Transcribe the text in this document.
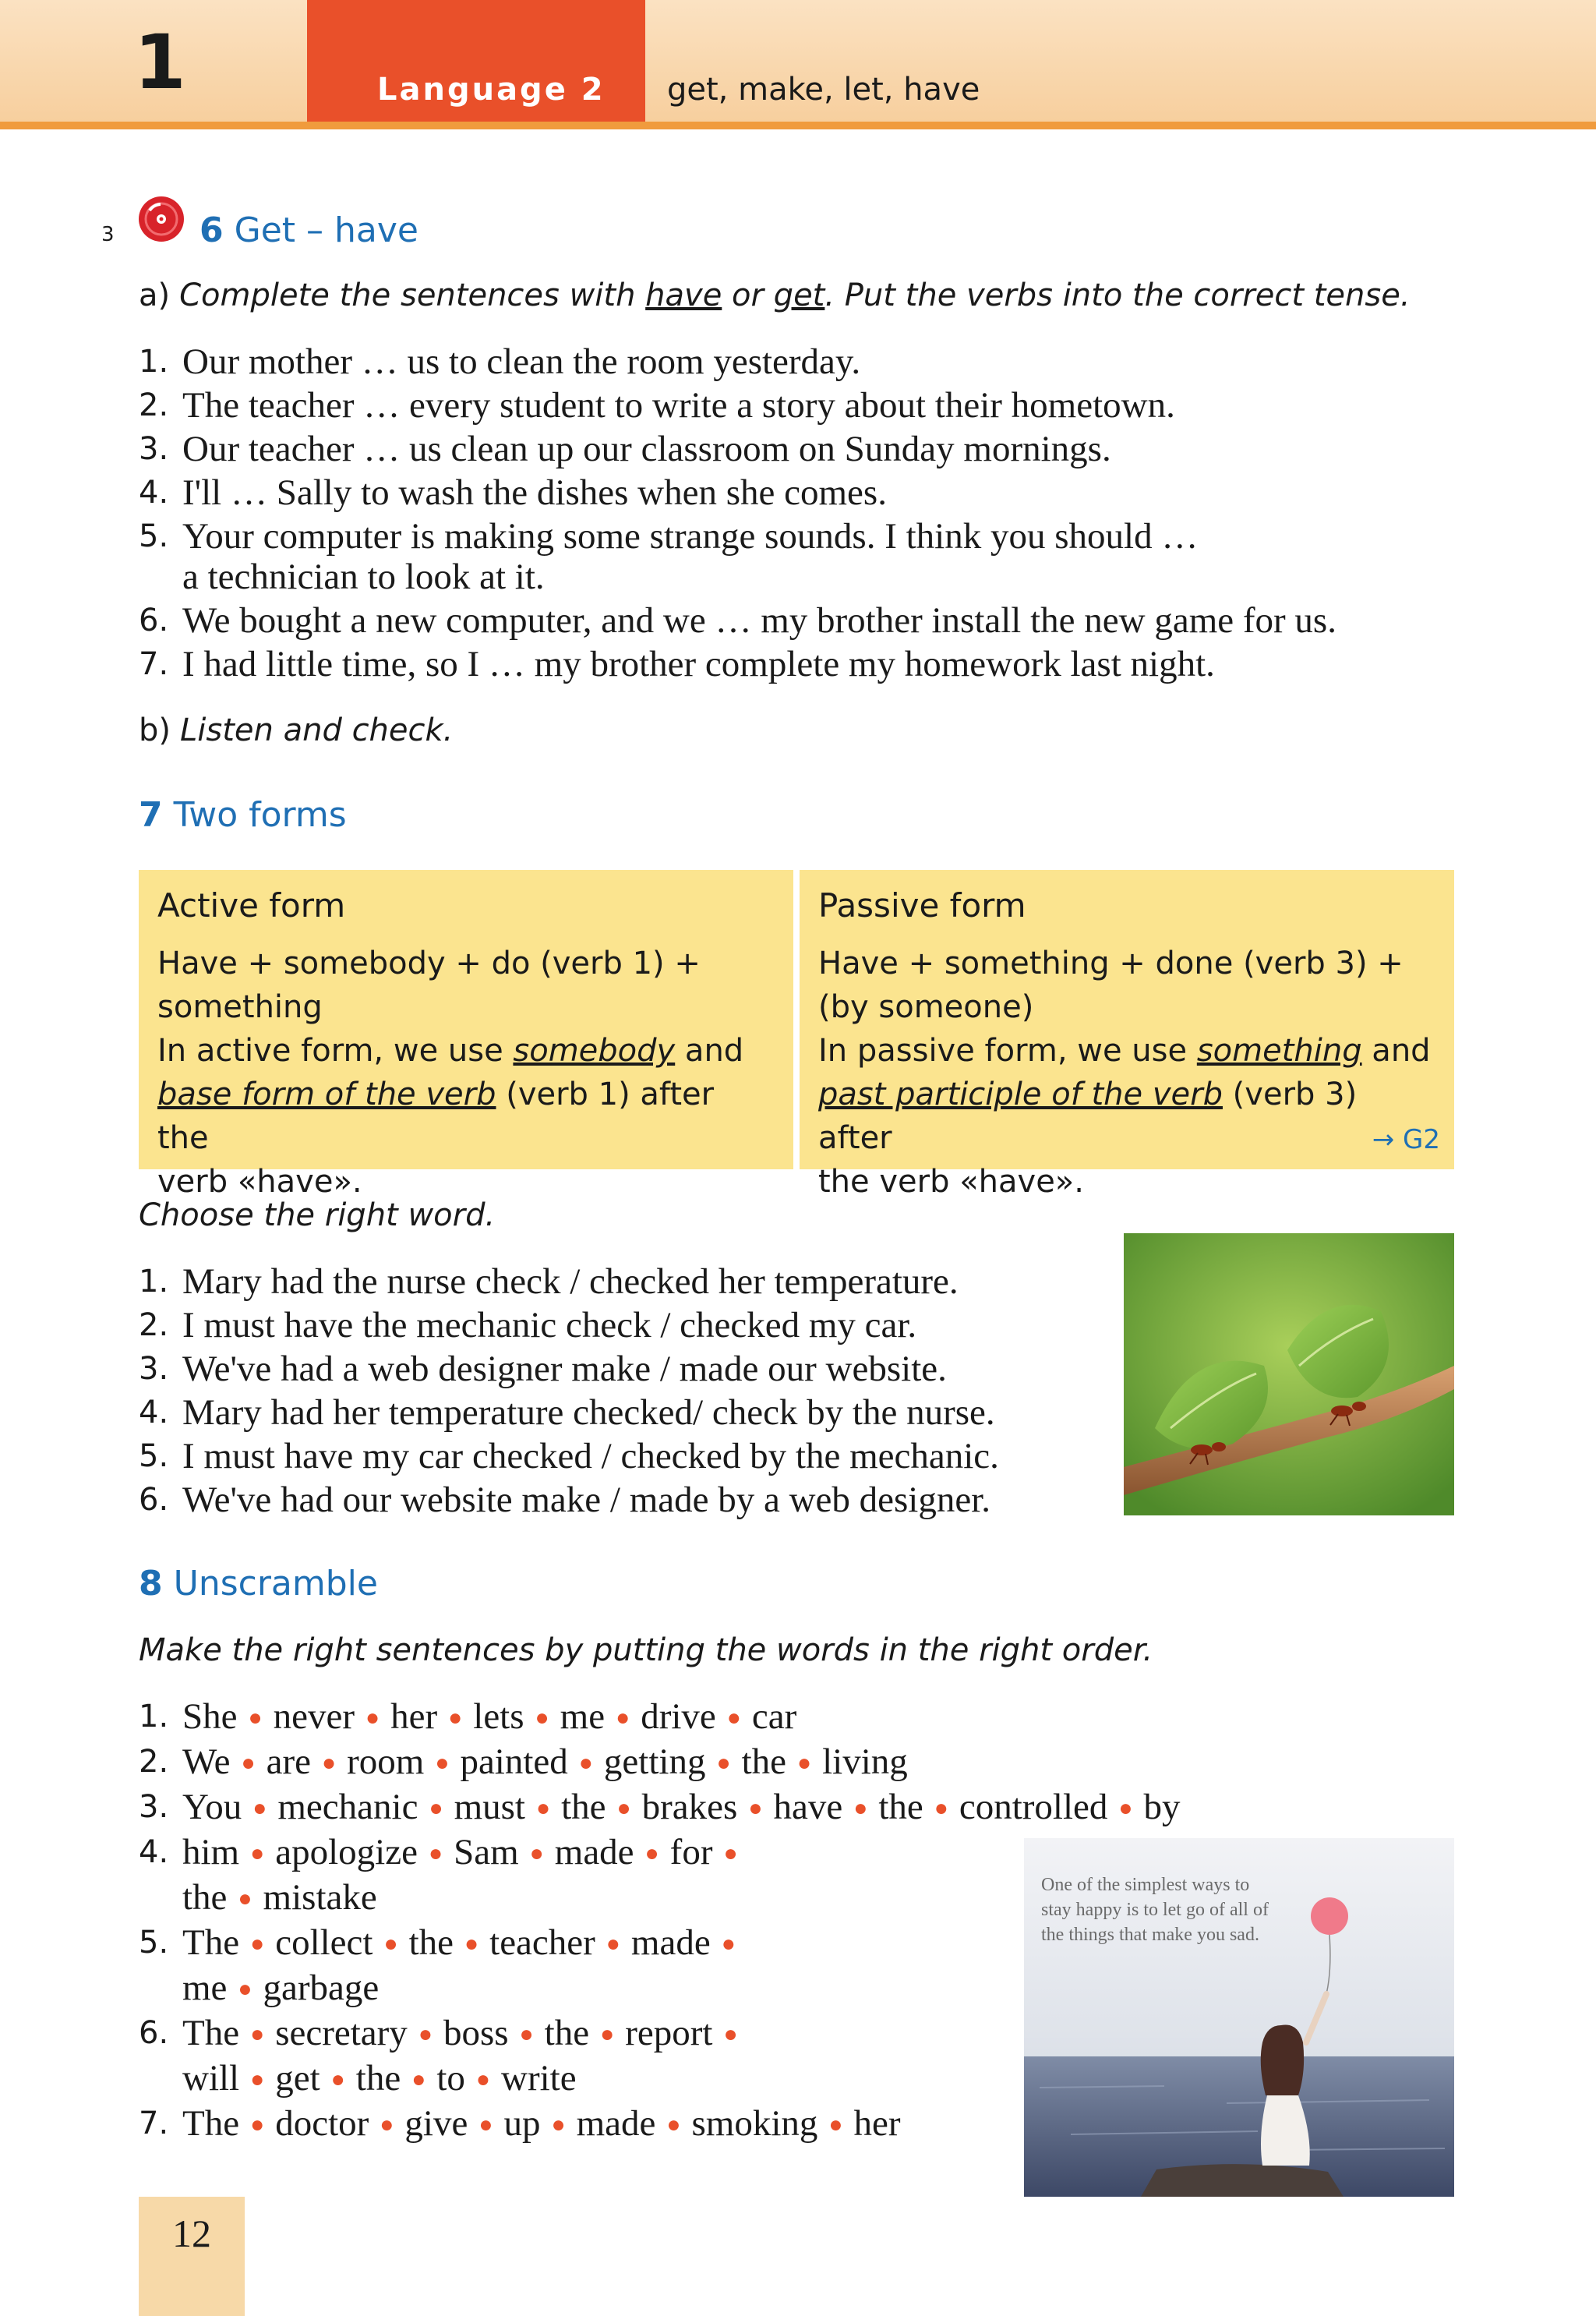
1	Language 2 get, make, let, have
3 6 Get – have
a) Complete the sentences with have or get. Put the verbs into the correct tense.
1. Our mother … us to clean the room yesterday.
2. The teacher … every student to write a story about their hometown.
3. Our teacher … us clean up our classroom on Sunday mornings.
4. I'll … Sally to wash the dishes when she comes.
5. Your computer is making some strange sounds. I think you should …
a technician to look at it.
6. We bought a new computer, and we … my brother install the new game for us.
7. I had little time, so I … my brother complete my homework last night.
b) Listen and check.
7 Two forms
Active form
Have + somebody + do (verb 1) +
something
In active form, we use somebody and
base form of the verb (verb 1) after the
verb «have».
Passive form
Have + something + done (verb 3) +
(by someone)
In passive form, we use something and
past participle of the verb (verb 3) after
the verb «have».
→ G2
Choose the right word.
1. Mary had the nurse check / checked her temperature.
2. I must have the mechanic check / checked my car.
3. We've had a web designer make / made our website.
4. Mary had her temperature checked/ check by the nurse.
5. I must have my car checked / checked by the mechanic.
6. We've had our website make / made by a web designer.
8 Unscramble
Make the right sentences by putting the words in the right order.
1. She ● never ● her ● lets ● me ● drive ● car
2. We ● are ● room ● painted ● getting ● the ● living
3. You ● mechanic ● must ● the ● brakes ● have ● the ● controlled ● by
4. him ● apologize ● Sam ● made ● for ●
the ● mistake
5. The ● collect ● the ● teacher ● made ●
me ● garbage
6. The ● secretary ● boss ● the ● report ●
will ● get ● the ● to ● write
7. The ● doctor ● give ● up ● made ● smoking ● her
One of the simplest ways to stay happy is to let go of all of the things that make you sad.
12
